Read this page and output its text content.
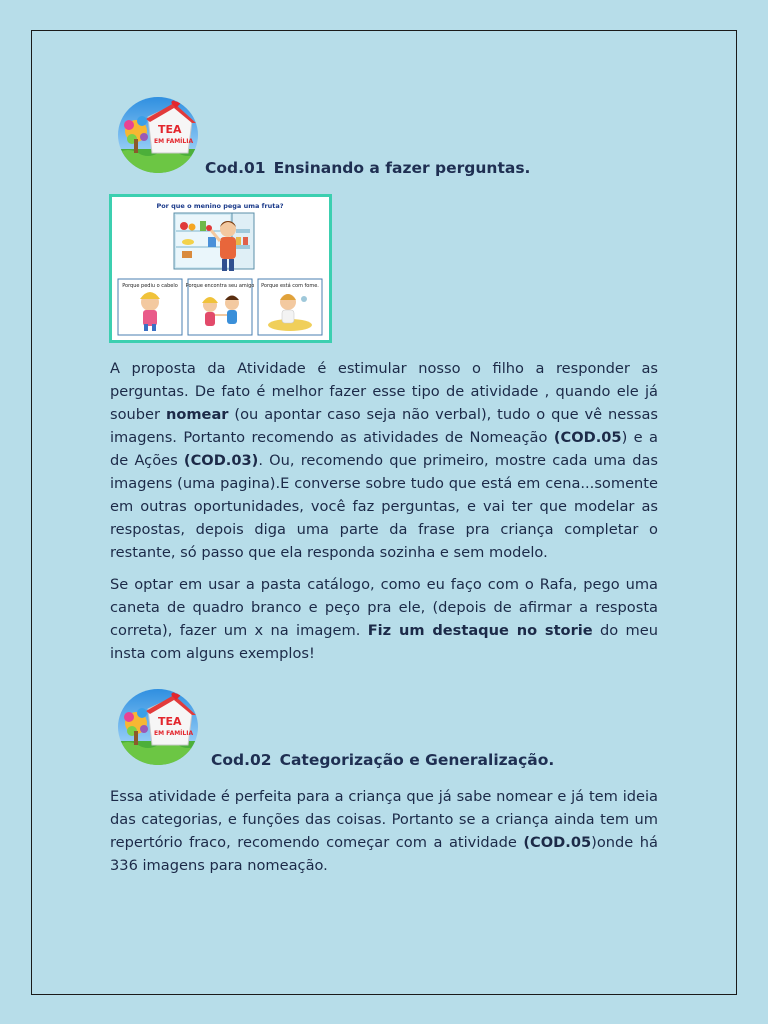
TEA
EM FAMÍLIA
Cod.01 Ensinando a fazer perguntas.
Por que o menino pega uma fruta?
Porque pediu o cabelo Porque encontra seu amigo Porque está com fome.

A proposta da Atividade é estimular nosso o filho a responder as perguntas. De fato é melhor fazer esse tipo de atividade , quando ele já souber nomear (ou apontar caso seja não verbal), tudo o que vê nessas imagens. Portanto recomendo as atividades de Nomeação (COD.05) e a de Ações (COD.03). Ou, recomendo que primeiro, mostre cada uma das imagens (uma pagina).E converse sobre tudo que está em cena...somente em outras oportunidades, você faz perguntas, e vai ter que modelar as respostas, depois diga uma parte da frase pra criança completar o restante, só passo que ela responda sozinha e sem modelo.

Se optar em usar a pasta catálogo, como eu faço com o Rafa, pego uma caneta de quadro branco e peço pra ele, (depois de afirmar a resposta correta), fazer um x na imagem. Fiz um destaque no storie do meu insta com alguns exemplos!

TEA
EM FAMÍLIA
Cod.02 Categorização e Generalização.

Essa atividade é perfeita para a criança que já sabe nomear e já tem ideia das categorias, e funções das coisas. Portanto se a criança ainda tem um repertório fraco, recomendo começar com a atividade (COD.05)onde há 336 imagens para nomeação.
